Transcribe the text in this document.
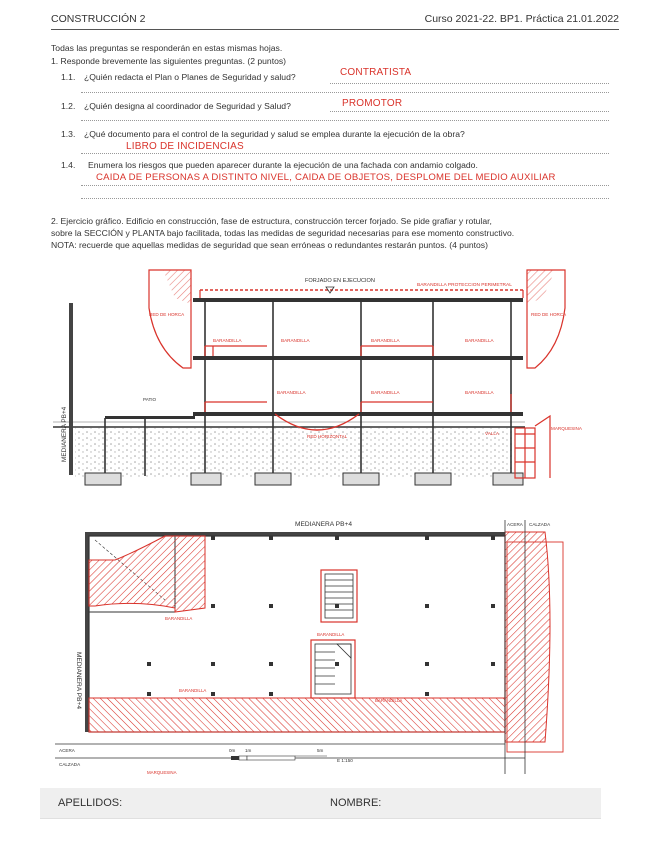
CONSTRUCCIÓN 2	Curso 2021-22. BP1. Práctica 21.01.2022
Todas las preguntas se responderán en estas mismas hojas.
1. Responde brevemente las siguientes preguntas. (2 puntos)
1.1. ¿Quién redacta el Plan o Planes de Seguridad y salud?	CONTRATISTA
1.2. ¿Quién designa al coordinador de Seguridad y Salud?	PROMOTOR
1.3. ¿Qué documento para el control de la seguridad y salud se emplea durante la ejecución de la obra?
LIBRO DE INCIDENCIAS
1.4. Enumera los riesgos que pueden aparecer durante la ejecución de una fachada con andamio colgado.
CAIDA DE PERSONAS A DISTINTO NIVEL, CAIDA DE OBJETOS, DESPLOME DEL MEDIO AUXILIAR
2. Ejercicio gráfico. Edificio en construcción, fase de estructura, construcción tercer forjado. Se pide grafiar y rotular,
sobre la SECCIÓN y PLANTA bajo facilitada, todas las medidas de seguridad necesarias para ese momento constructivo.
NOTA: recuerde que aquellas medidas de seguridad que sean erróneas o redundantes restarán puntos. (4 puntos)
FORJADO EN EJECUCION
BARANDILLA PROTECCION PERIMETRAL
RED DE HORCA	RED DE HORCA
BARANDILLA	BARANDILLA	BARANDILLA	BARANDILLA
BARANDILLA	BARANDILLA	BARANDILLA
PATIO
RED HORIZONTAL
VALLA
MARQUESINA
MEDIANERA PB+4
MEDIANERA PB+4
MEDIANERA PB+4
ACERA CALZADA
ACERA
CALZADA
BARANDILLA
BARANDILLA
BARANDILLA
BARANDILLA
MARQUESINA
0m 1m	5m
E 1:150
APELLIDOS:	NOMBRE:
